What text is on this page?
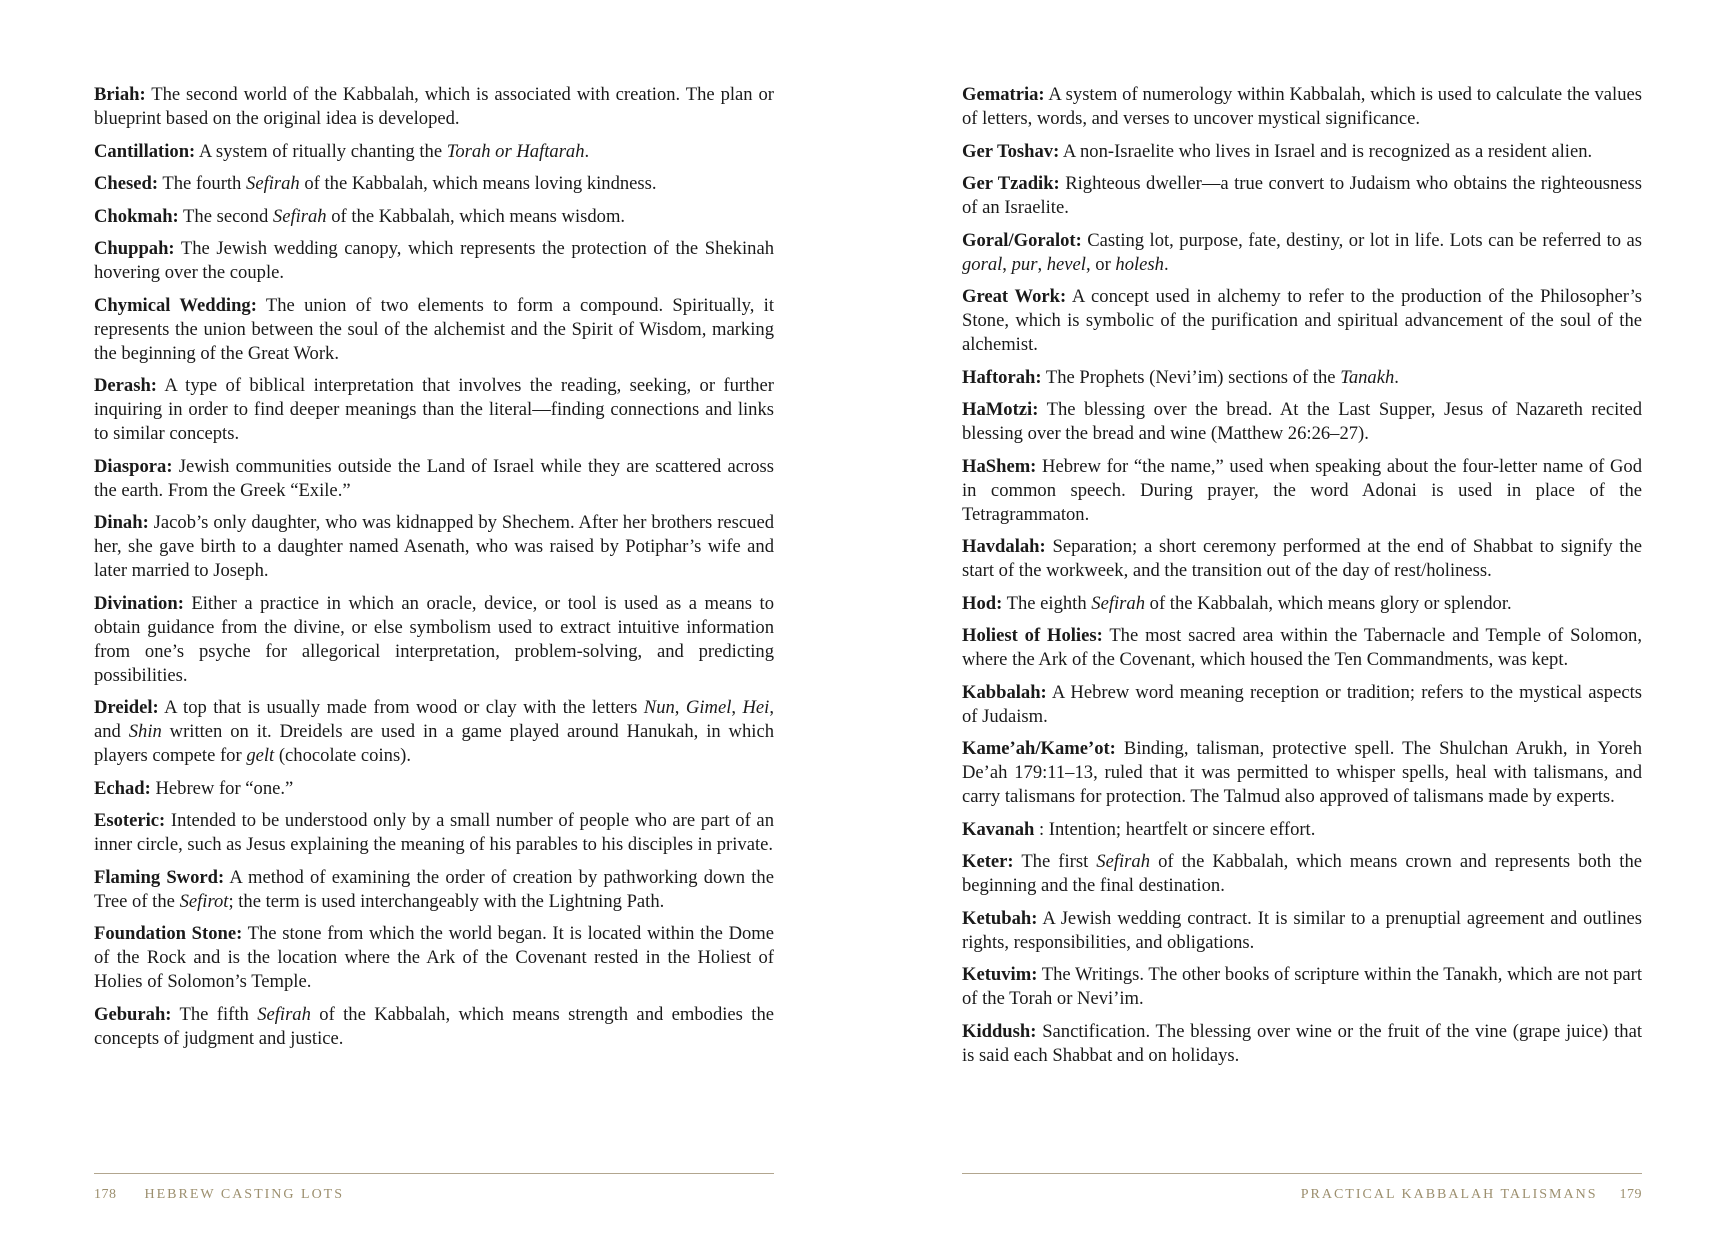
Briah: The second world of the Kabbalah, which is associated with creation. The plan or blueprint based on the original idea is developed.

Cantillation: A system of ritually chanting the Torah or Haftarah.

Chesed: The fourth Sefirah of the Kabbalah, which means loving kindness.

Chokmah: The second Sefirah of the Kabbalah, which means wisdom.

Chuppah: The Jewish wedding canopy, which represents the protection of the Shekinah hovering over the couple.

Chymical Wedding: The union of two elements to form a compound. Spiritually, it represents the union between the soul of the alchemist and the Spirit of Wisdom, marking the beginning of the Great Work.

Derash: A type of biblical interpretation that involves the reading, seeking, or further inquiring in order to find deeper meanings than the literal—finding connections and links to similar concepts.

Diaspora: Jewish communities outside the Land of Israel while they are scattered across the earth. From the Greek “Exile.”

Dinah: Jacob’s only daughter, who was kidnapped by Shechem. After her brothers rescued her, she gave birth to a daughter named Asenath, who was raised by Potiphar’s wife and later married to Joseph.

Divination: Either a practice in which an oracle, device, or tool is used as a means to obtain guidance from the divine, or else symbolism used to extract intuitive information from one’s psyche for allegorical interpretation, problem-solving, and predicting possibilities.

Dreidel: A top that is usually made from wood or clay with the letters Nun, Gimel, Hei, and Shin written on it. Dreidels are used in a game played around Hanukah, in which players compete for gelt (chocolate coins).

Echad: Hebrew for “one.”

Esoteric: Intended to be understood only by a small number of people who are part of an inner circle, such as Jesus explaining the meaning of his parables to his disciples in private.

Flaming Sword: A method of examining the order of creation by pathworking down the Tree of the Sefirot; the term is used interchangeably with the Lightning Path.

Foundation Stone: The stone from which the world began. It is located within the Dome of the Rock and is the location where the Ark of the Covenant rested in the Holiest of Holies of Solomon’s Temple.

Geburah: The fifth Sefirah of the Kabbalah, which means strength and embodies the concepts of judgment and justice.

178 HEBREW CASTING LOTS

Gematria: A system of numerology within Kabbalah, which is used to calculate the values of letters, words, and verses to uncover mystical significance.

Ger Toshav: A non-Israelite who lives in Israel and is recognized as a resident alien.

Ger Tzadik: Righteous dweller—a true convert to Judaism who obtains the righteousness of an Israelite.

Goral/Goralot: Casting lot, purpose, fate, destiny, or lot in life. Lots can be referred to as goral, pur, hevel, or holesh.

Great Work: A concept used in alchemy to refer to the production of the Philosopher’s Stone, which is symbolic of the purification and spiritual advancement of the soul of the alchemist.

Haftorah: The Prophets (Nevi’im) sections of the Tanakh.

HaMotzi: The blessing over the bread. At the Last Supper, Jesus of Nazareth recited blessing over the bread and wine (Matthew 26:26–27).

HaShem: Hebrew for “the name,” used when speaking about the four-letter name of God in common speech. During prayer, the word Adonai is used in place of the Tetragrammaton.

Havdalah: Separation; a short ceremony performed at the end of Shabbat to signify the start of the workweek, and the transition out of the day of rest/holiness.

Hod: The eighth Sefirah of the Kabbalah, which means glory or splendor.

Holiest of Holies: The most sacred area within the Tabernacle and Temple of Solomon, where the Ark of the Covenant, which housed the Ten Commandments, was kept.

Kabbalah: A Hebrew word meaning reception or tradition; refers to the mystical aspects of Judaism.

Kame’ah/Kame’ot: Binding, talisman, protective spell. The Shulchan Arukh, in Yoreh De’ah 179:11–13, ruled that it was permitted to whisper spells, heal with talismans, and carry talismans for protection. The Talmud also approved of talismans made by experts.

Kavanah : Intention; heartfelt or sincere effort.

Keter: The first Sefirah of the Kabbalah, which means crown and represents both the beginning and the final destination.

Ketubah: A Jewish wedding contract. It is similar to a prenuptial agreement and outlines rights, responsibilities, and obligations.

Ketuvim: The Writings. The other books of scripture within the Tanakh, which are not part of the Torah or Nevi’im.

Kiddush: Sanctification. The blessing over wine or the fruit of the vine (grape juice) that is said each Shabbat and on holidays.

PRACTICAL KABBALAH TALISMANS 179
